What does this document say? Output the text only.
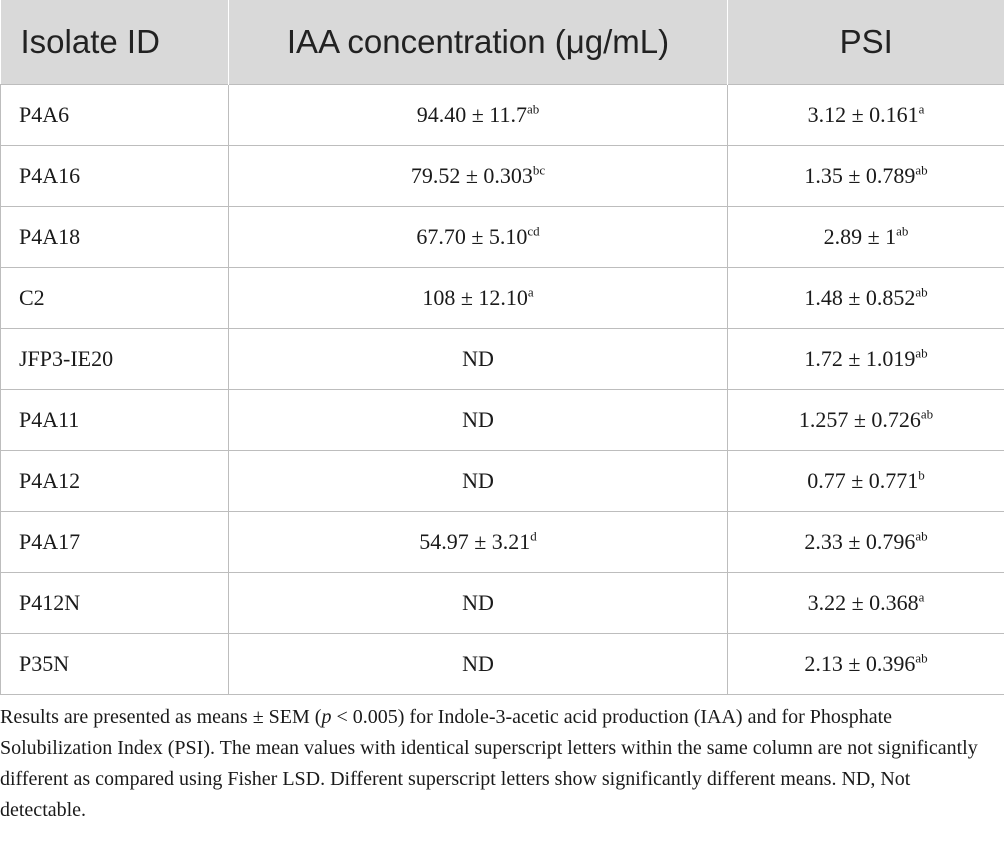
Isolate ID	IAA concentration (μg/mL)	PSI
P4A6	94.40 ± 11.7$^{ab}$	3.12 ± 0.161$^a$
P4A16	79.52 ± 0.303$^{bc}$	1.35 ± 0.789$^{ab}$
P4A18	67.70 ± 5.10$^{cd}$	$2.89 \pm 1^{ab}$
C2	108 ± 12.10$^a$	1.48 ± 0.852$^{ab}$
JFP3-IE20	ND	1.72 ± 1.019$^{ab}$
P4A11	ND	1.257 ± 0.726$^{ab}$
P4A12	ND	0.77 ± 0.771$^b$
P4A17	54.97 ± 3.21$^d$	2.33 ± 0.796$^{ab}$
P412N	ND	3.22 ± 0.368$^a$
P35N	ND	2.13 ± 0.396$^{ab}$
Results are presented as means ± SEM (p < 0.005) for Indole-3-acetic acid production (IAA) and for Phosphate Solubilization Index (PSI). The mean values with identical superscript letters within the same column are not significantly different as compared using Fisher LSD. Different superscript letters show significantly different means. ND, Not detectable.
